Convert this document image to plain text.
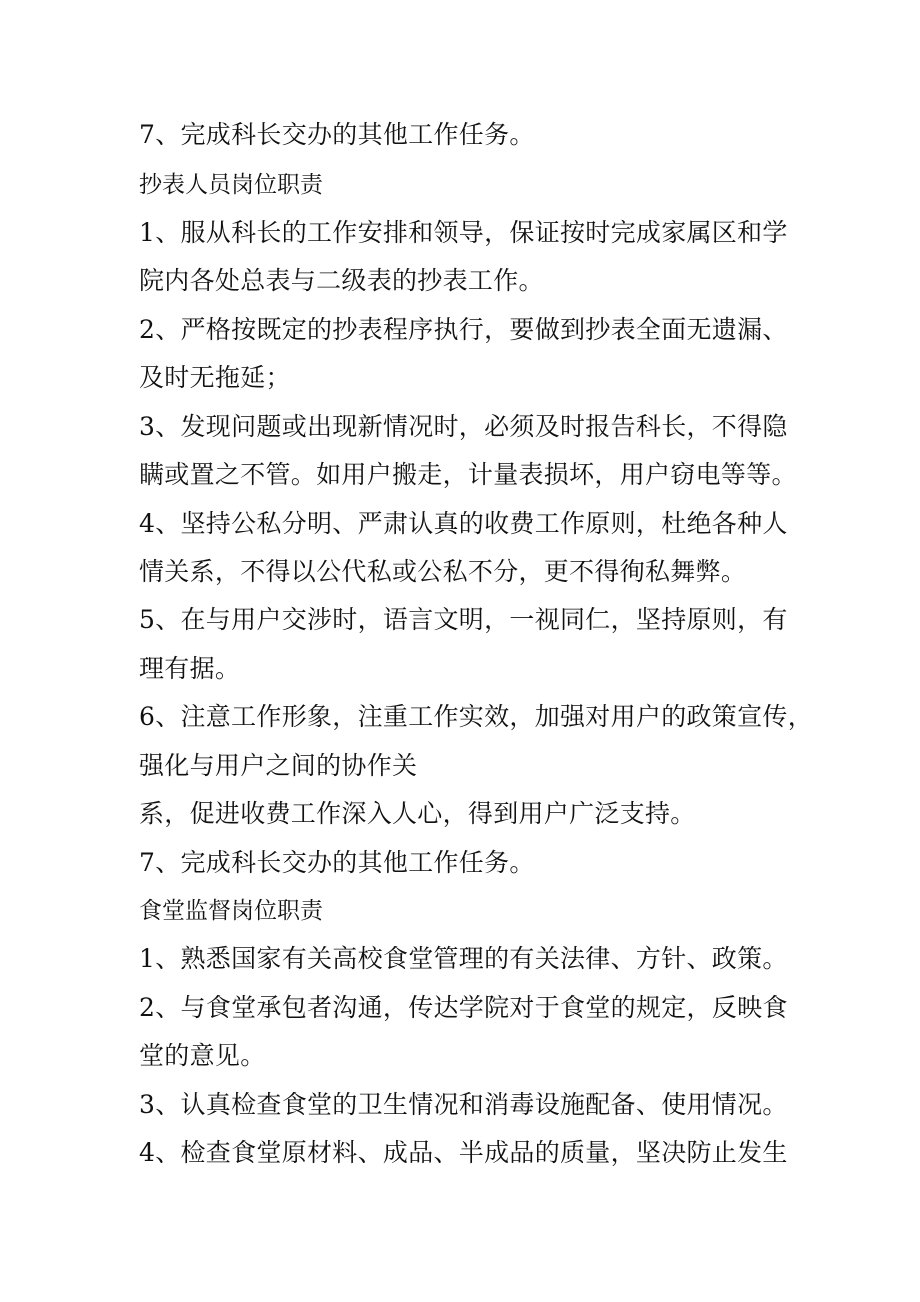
7、完成科长交办的其他工作任务。
抄表人员岗位职责
1、服从科长的工作安排和领导，保证按时完成家属区和学
院内各处总表与二级表的抄表工作。
2、严格按既定的抄表程序执行，要做到抄表全面无遗漏、
及时无拖延；
3、发现问题或出现新情况时，必须及时报告科长，不得隐
瞒或置之不管。如用户搬走，计量表损坏，用户窃电等等。
4、坚持公私分明、严肃认真的收费工作原则，杜绝各种人
情关系，不得以公代私或公私不分，更不得徇私舞弊。
5、在与用户交涉时，语言文明，一视同仁，坚持原则，有
理有据。
6、注意工作形象，注重工作实效，加强对用户的政策宣传，
强化与用户之间的协作关
系，促进收费工作深入人心，得到用户广泛支持。
7、完成科长交办的其他工作任务。
食堂监督岗位职责
1、熟悉国家有关高校食堂管理的有关法律、方针、政策。
2、与食堂承包者沟通，传达学院对于食堂的规定，反映食
堂的意见。
3、认真检查食堂的卫生情况和消毒设施配备、使用情况。
4、检查食堂原材料、成品、半成品的质量，坚决防止发生
